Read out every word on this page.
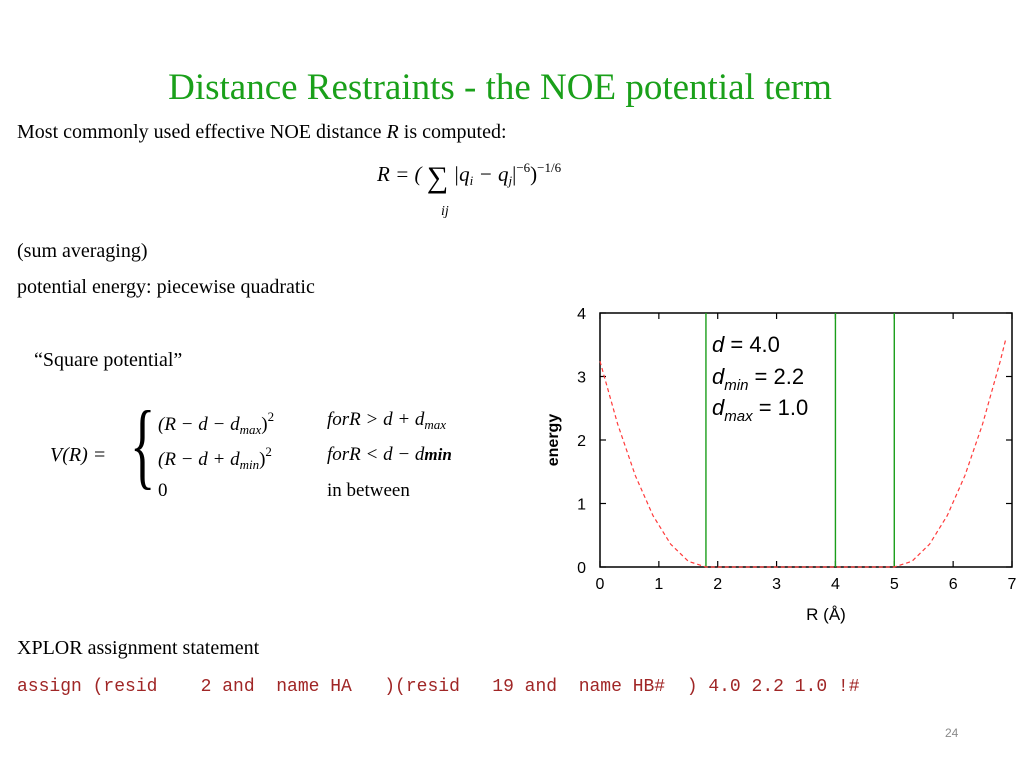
Distance Restraints - the NOE potential term
Most commonly used effective NOE distance R is computed:
R = ( ∑ $|q_i - q_j|^{-6})^{-1/6}$
ij
(sum averaging)
potential energy: piecewise quadratic
“Square potential”
V(R) = { $(R - d - d_{max})^2$	forR > $d + d_{max}$
$(R - d + d_{min})^2$	forR < d − dmin
0	in between
0	1	2	3	4	5	6	7
0
1
2
3
4
R (Å)
energy
d = 4.0
$d_{min} = 2.2$
$d_{max} = 1.0$
XPLOR assignment statement
assign (resid    2 and  name HA   )(resid   19 and  name HB#  ) 4.0 2.2 1.0 !#
24
